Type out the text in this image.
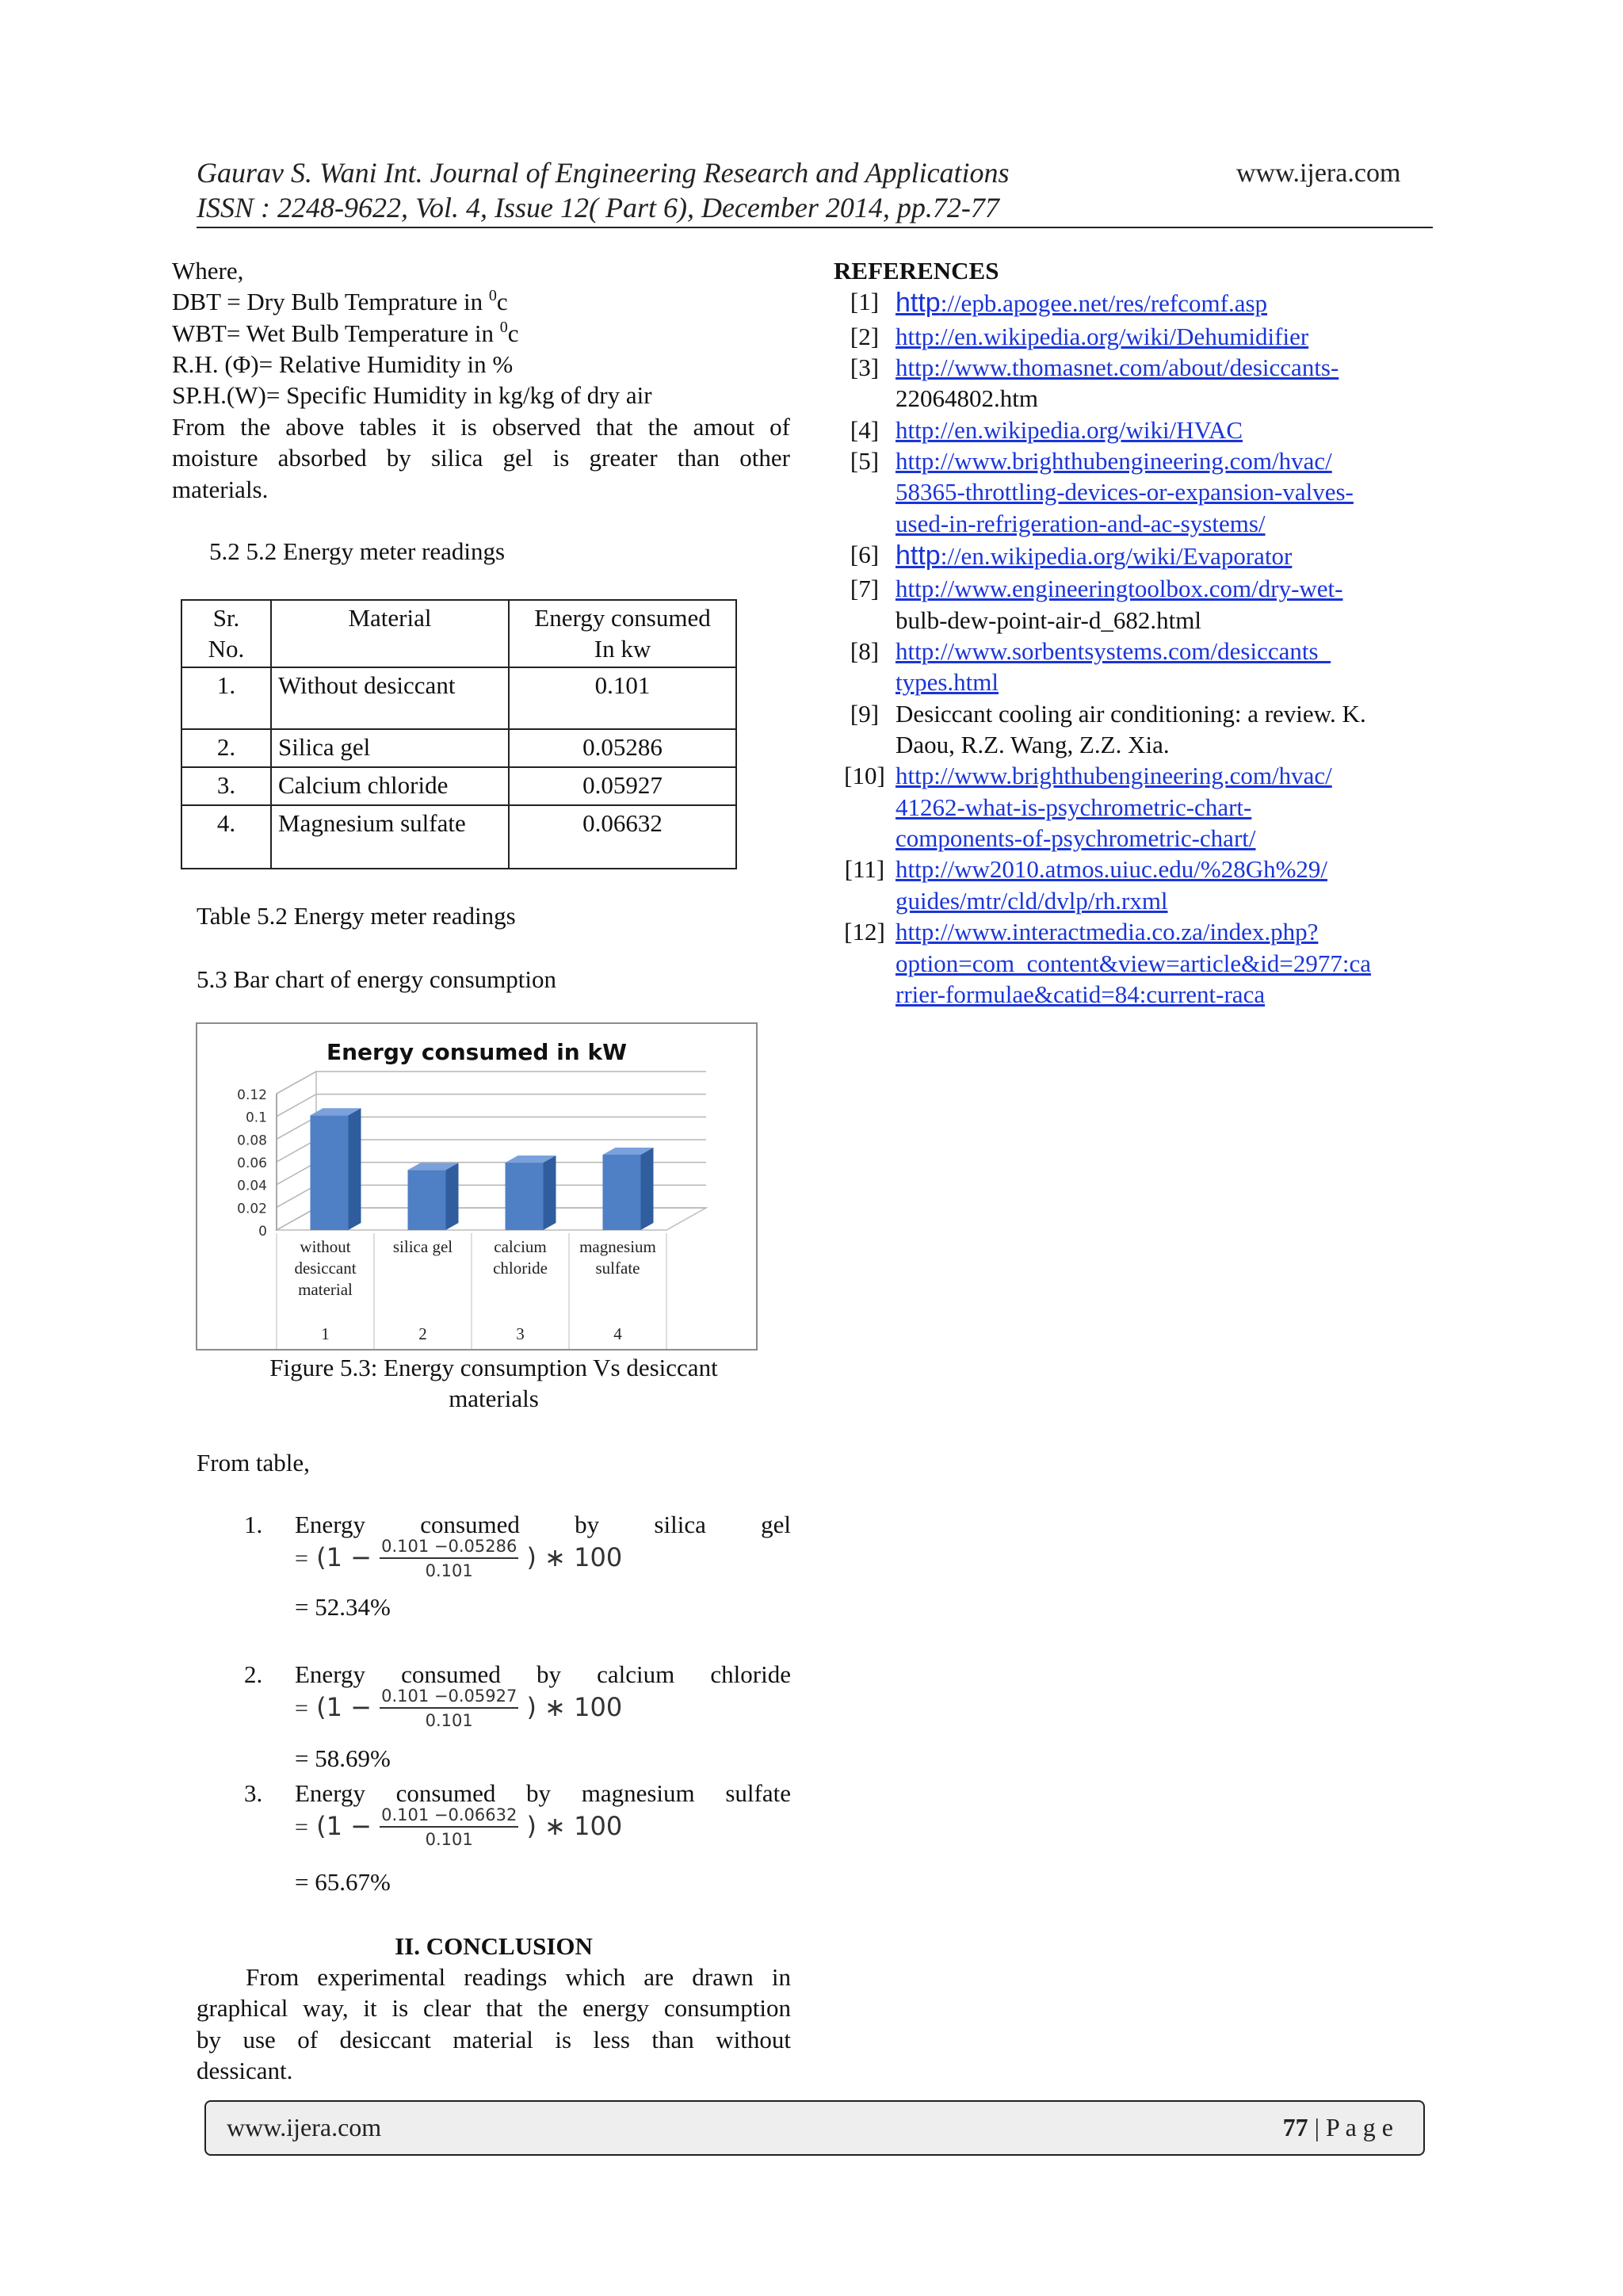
Gaurav S. Wani Int. Journal of Engineering Research and Applications	www.ijera.com
ISSN : 2248-9622, Vol. 4, Issue 12( Part 6), December 2014, pp.72-77

Where,

DBT = Dry Bulb Temprature in $^0$c

WBT= Wet Bulb Temperature in $^0$c

R.H. (Φ)= Relative Humidity in %

SP.H.(W)= Specific Humidity in kg/kg of dry air

From the above tables it is observed that the amout of

moisture absorbed by silica gel is greater than other

materials.

5.2 5.2 Energy meter readings
Sr.
No.	Material	Energy consumed
In kw
1.	Without desiccant	0.101
2.	Silica gel	0.05286
3.	Calcium chloride	0.05927
4.	Magnesium sulfate	0.06632
Table 5.2 Energy meter readings
5.3 Bar chart of energy consumption
Energy consumed in kW
0
0.02
0.04
0.06
0.08
0.1
0.12
without
desiccant
material
1
silica gel
2
calcium
chloride
3
magnesium
sulfate
4
Figure 5.3: Energy consumption Vs desiccant
materials
From table,
1. Energy consumed by silica gel
= ($1 - \frac{0.101 -0.05286}{0.101}$ ) ∗ 100
= 52.34%
2. Energy consumed by calcium chloride
= ($1 - \frac{0.101 -0.05927}{0.101}$ ) ∗ 100
= 58.69%
3. Energy consumed by magnesium sulfate
= ($1 - \frac{0.101 -0.06632}{0.101}$ ) ∗ 100
= 65.67%
II. CONCLUSION
From experimental readings which are drawn in
graphical way, it is clear that the energy consumption
by use of desiccant material is less than without
dessicant.
REFERENCES
[1] http://epb.apogee.net/res/refcomf.asp
[2] http://en.wikipedia.org/wiki/Dehumidifier
[3] http://www.thomasnet.com/about/desiccants-
22064802.htm
[4] http://en.wikipedia.org/wiki/HVAC
[5] http://www.brighthubengineering.com/hvac/
58365-throttling-devices-or-expansion-valves-
used-in-refrigeration-and-ac-systems/
[6] http://en.wikipedia.org/wiki/Evaporator
[7] http://www.engineeringtoolbox.com/dry-wet-
bulb-dew-point-air-d_682.html
[8] http://www.sorbentsystems.com/desiccants_
types.html
[9] Desiccant cooling air conditioning: a review. K.
Daou, R.Z. Wang, Z.Z. Xia.
[10] http://www.brighthubengineering.com/hvac/
41262-what-is-psychrometric-chart-
components-of-psychrometric-chart/
[11] http://ww2010.atmos.uiuc.edu/%28Gh%29/
guides/mtr/cld/dvlp/rh.rxml
[12] http://www.interactmedia.co.za/index.php?
option=com_content&view=article&id=2977:ca
rrier-formulae&catid=84:current-raca
www.ijera.com	77 | P a g e
